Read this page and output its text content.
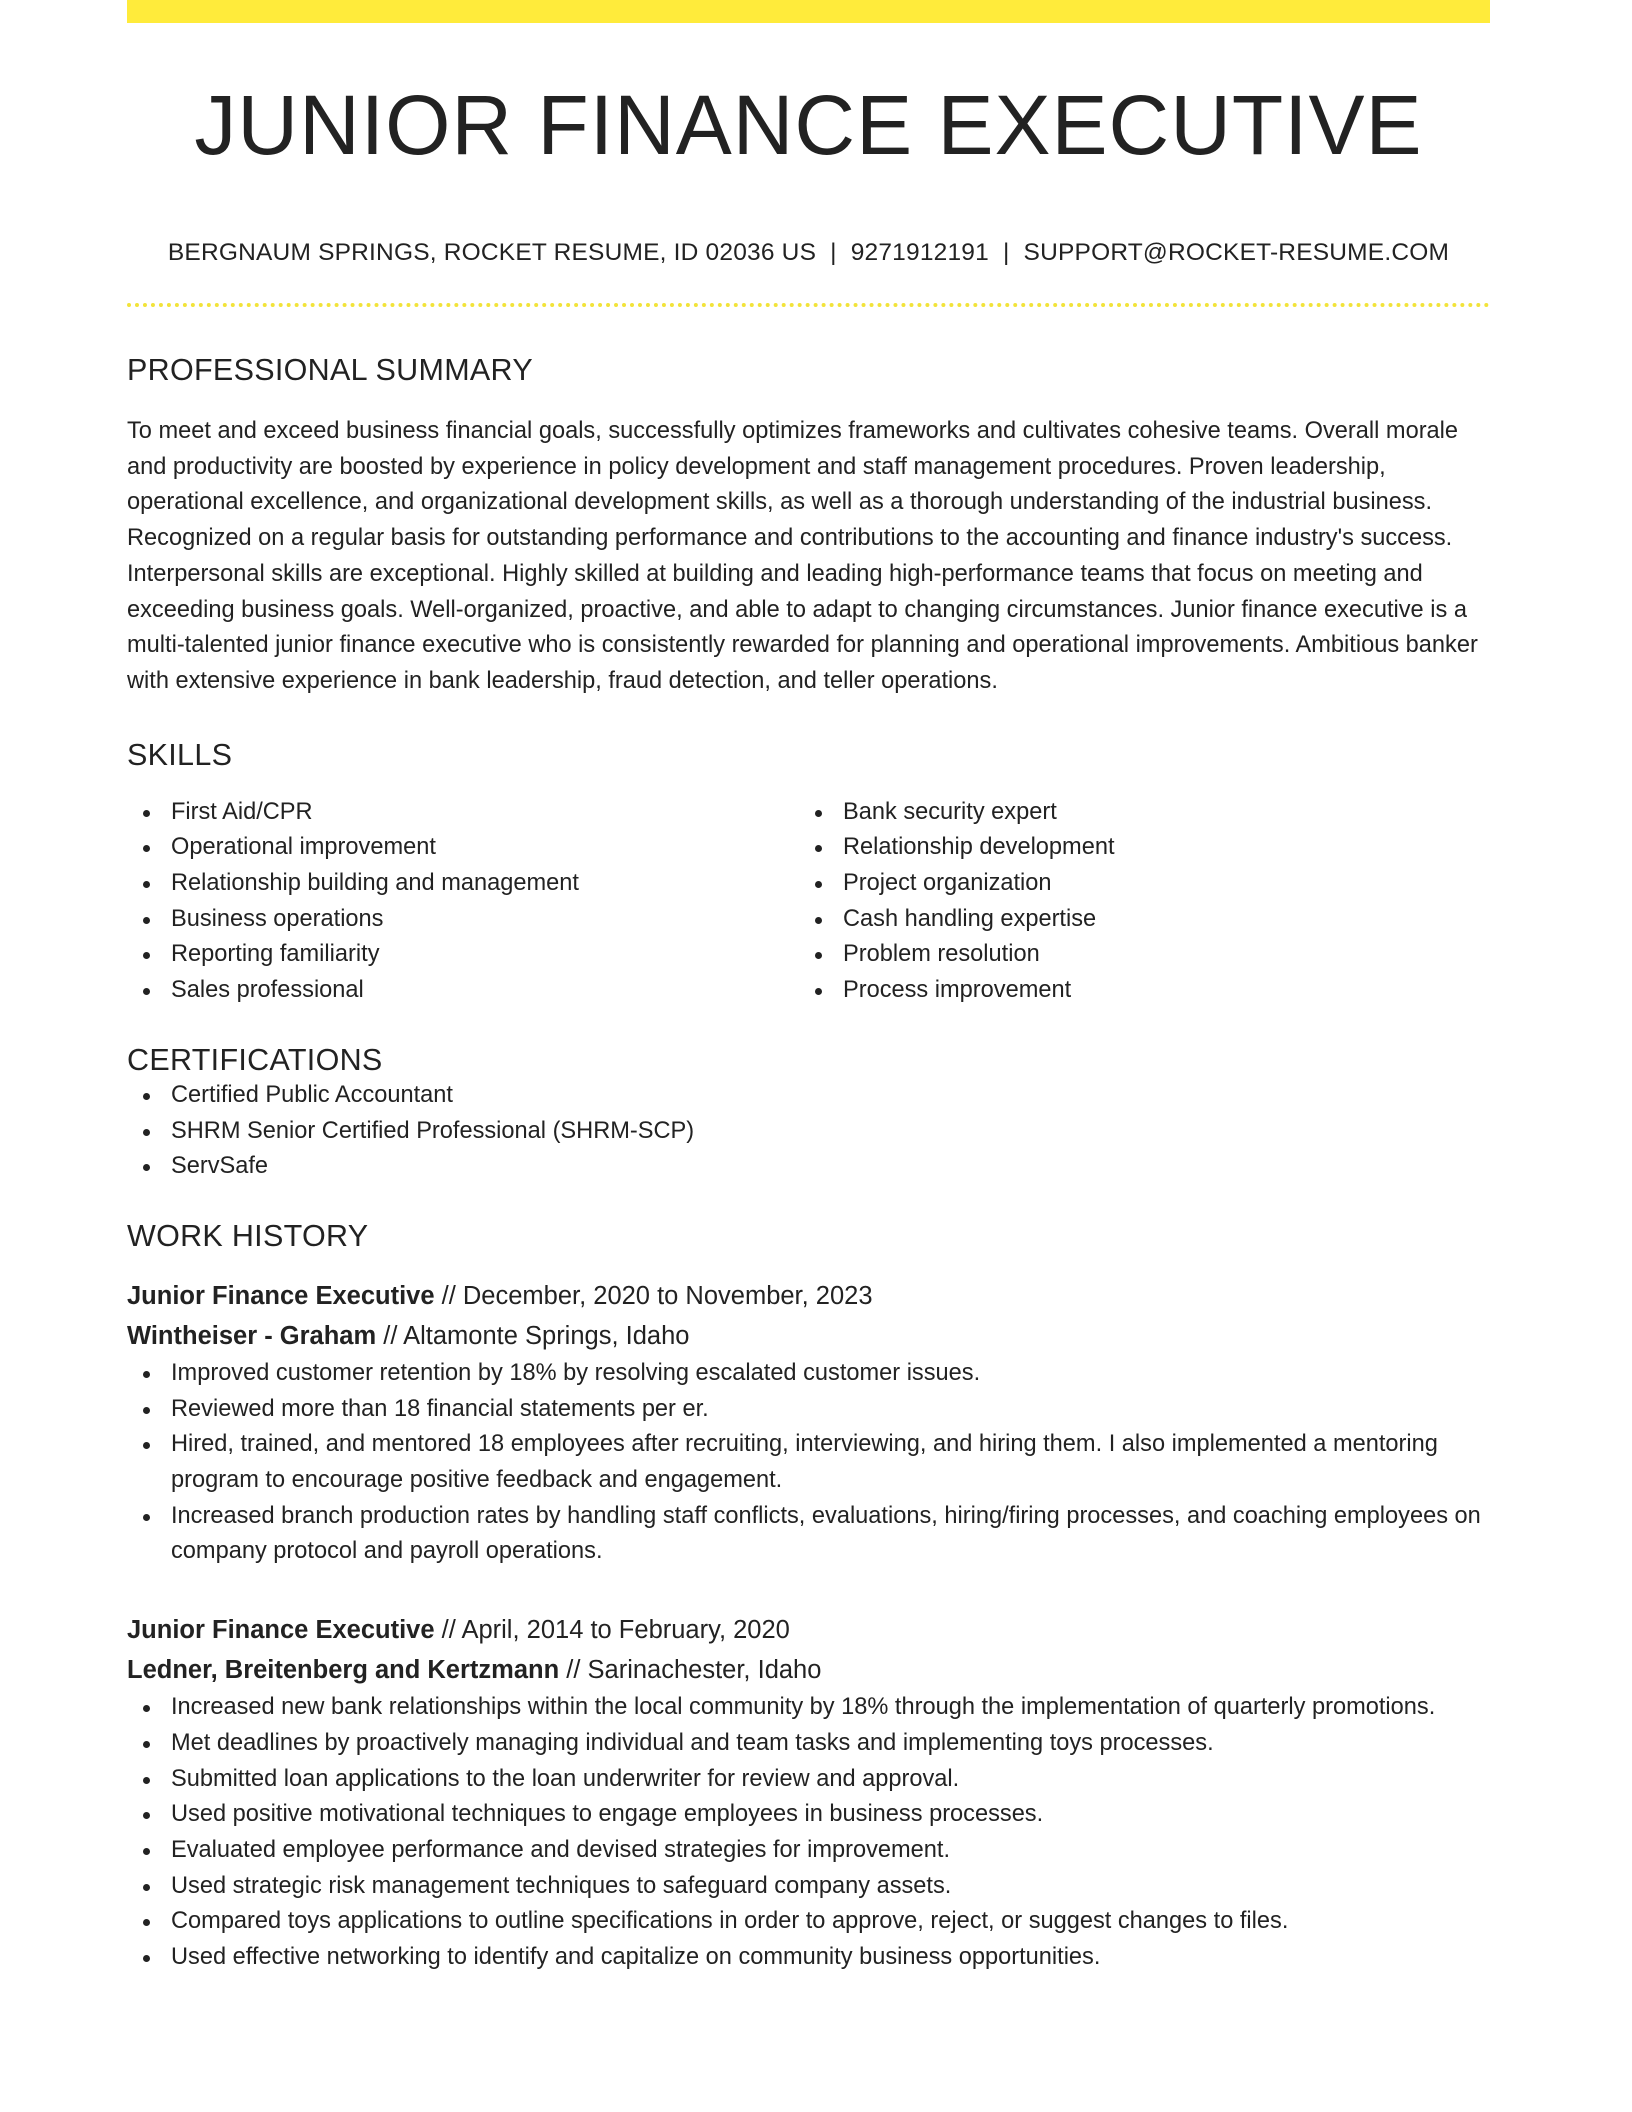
JUNIOR FINANCE EXECUTIVE
BERGNAUM SPRINGS, ROCKET RESUME, ID 02036 US | 9271912191 | SUPPORT@ROCKET-RESUME.COM
PROFESSIONAL SUMMARY

To meet and exceed business financial goals, successfully optimizes frameworks and cultivates cohesive teams. Overall morale and productivity are boosted by experience in policy development and staff management procedures. Proven leadership, operational excellence, and organizational development skills, as well as a thorough understanding of the industrial business. Recognized on a regular basis for outstanding performance and contributions to the accounting and finance industry's success. Interpersonal skills are exceptional. Highly skilled at building and leading high-performance teams that focus on meeting and exceeding business goals. Well-organized, proactive, and able to adapt to changing circumstances. Junior finance executive is a multi-talented junior finance executive who is consistently rewarded for planning and operational improvements. Ambitious banker with extensive experience in bank leadership, fraud detection, and teller operations.

SKILLS
First Aid/CPR
Operational improvement
Relationship building and management
Business operations
Reporting familiarity
Sales professional
Bank security expert
Relationship development
Project organization
Cash handling expertise
Problem resolution
Process improvement
CERTIFICATIONS
Certified Public Accountant
SHRM Senior Certified Professional (SHRM-SCP)
ServSafe
WORK HISTORY
Junior Finance Executive // December, 2020 to November, 2023
Wintheiser - Graham // Altamonte Springs, Idaho
Improved customer retention by 18% by resolving escalated customer issues.
Reviewed more than 18 financial statements per er.
Hired, trained, and mentored 18 employees after recruiting, interviewing, and hiring them. I also implemented a mentoring program to encourage positive feedback and engagement.
Increased branch production rates by handling staff conflicts, evaluations, hiring/firing processes, and coaching employees on company protocol and payroll operations.
Junior Finance Executive // April, 2014 to February, 2020
Ledner, Breitenberg and Kertzmann // Sarinachester, Idaho
Increased new bank relationships within the local community by 18% through the implementation of quarterly promotions.
Met deadlines by proactively managing individual and team tasks and implementing toys processes.
Submitted loan applications to the loan underwriter for review and approval.
Used positive motivational techniques to engage employees in business processes.
Evaluated employee performance and devised strategies for improvement.
Used strategic risk management techniques to safeguard company assets.
Compared toys applications to outline specifications in order to approve, reject, or suggest changes to files.
Used effective networking to identify and capitalize on community business opportunities.
